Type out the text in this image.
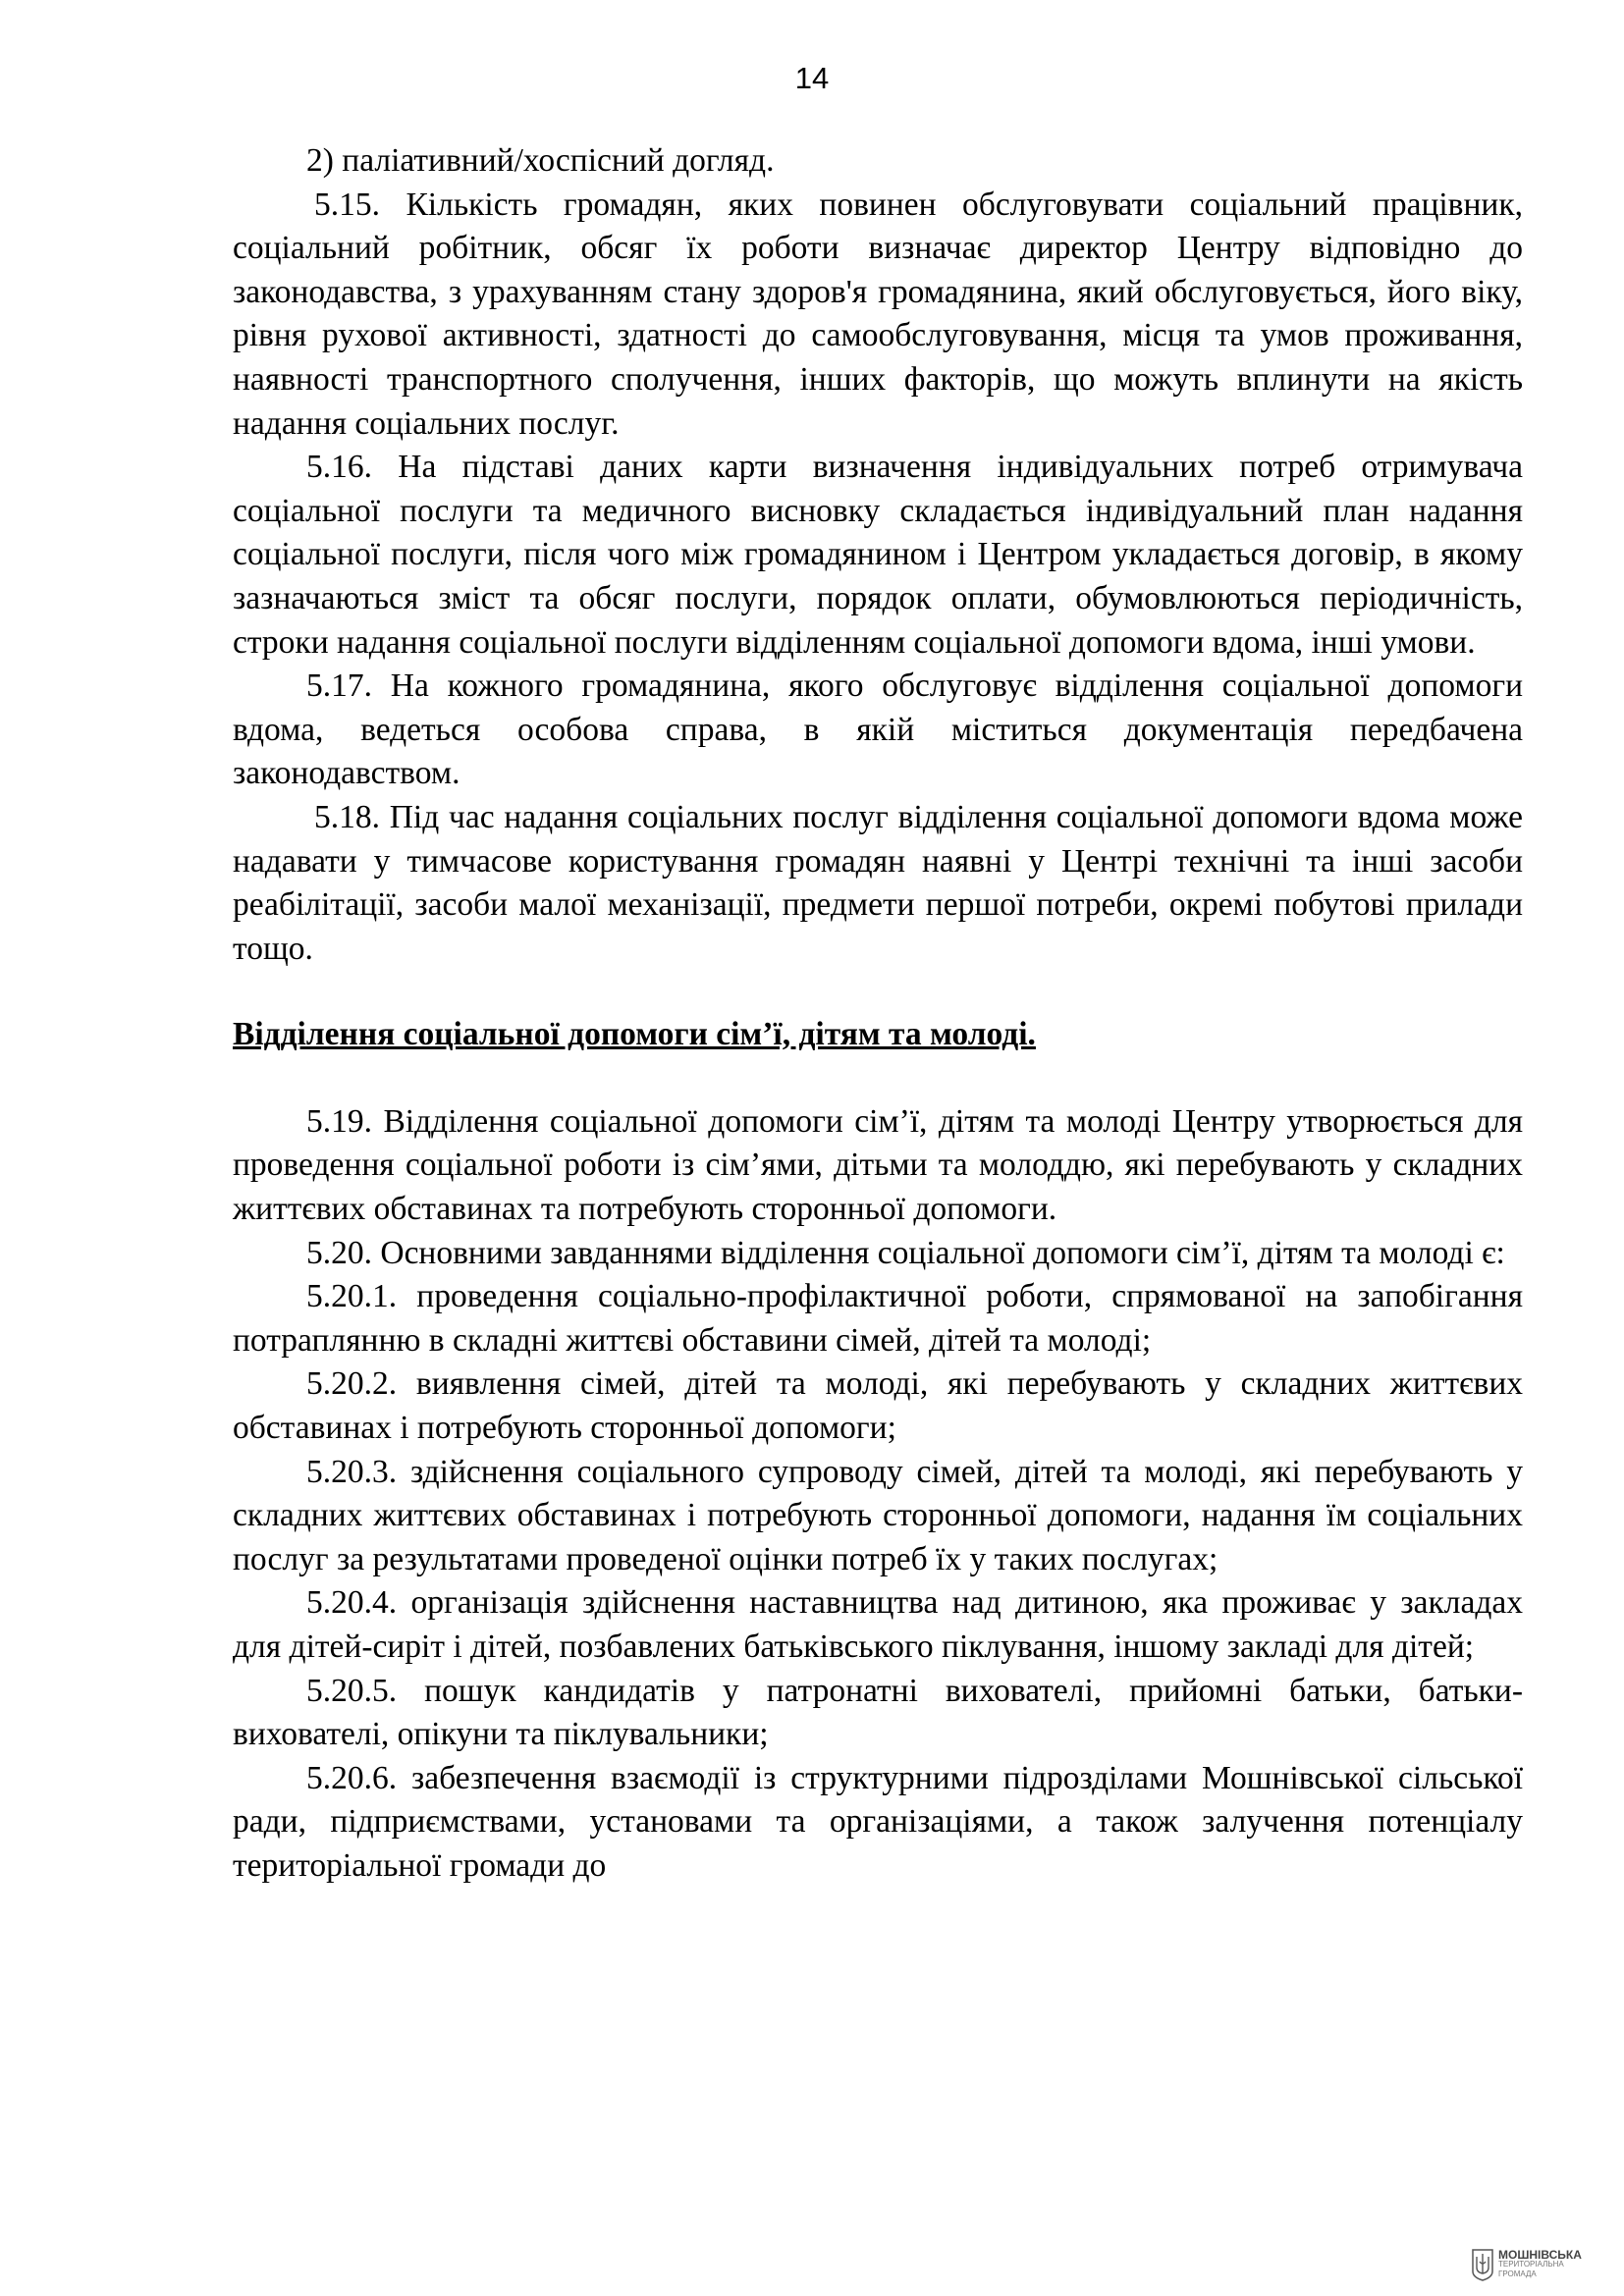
14

2) паліативний/хоспісний догляд.

5.15. Кількість громадян, яких повинен обслуговувати соціальний працівник, соціальний робітник, обсяг їх роботи визначає директор Центру відповідно до законодавства, з урахуванням стану здоров'я громадянина, який обслуговується, його віку, рівня рухової активності, здатності до самообслуговування, місця та умов проживання, наявності транспортного сполучення, інших факторів, що можуть вплинути на якість надання соціальних послуг.

5.16. На підставі даних карти визначення індивідуальних потреб отримувача соціальної послуги та медичного висновку складається індивідуальний план надання соціальної послуги, після чого між громадянином і Центром укладається договір, в якому зазначаються зміст та обсяг послуги, порядок оплати, обумовлюються періодичність, строки надання соціальної послуги відділенням соціальної допомоги вдома, інші умови.

5.17. На кожного громадянина, якого обслуговує відділення соціальної допомоги вдома, ведеться особова справа, в якій міститься документація передбачена законодавством.

5.18. Під час надання соціальних послуг відділення соціальної допомоги вдома може надавати у тимчасове користування громадян наявні у Центрі технічні та інші засоби реабілітації, засоби малої механізації, предмети першої потреби, окремі побутові прилади тощо.

Відділення соціальної допомоги сім’ї, дітям та молоді.

5.19. Відділення соціальної допомоги сім’ї, дітям та молоді Центру утворюється для проведення соціальної роботи із сім’ями, дітьми та молоддю, які перебувають у складних життєвих обставинах та потребують сторонньої допомоги.

5.20. Основними завданнями відділення соціальної допомоги сім’ї, дітям та молоді є:

5.20.1. проведення соціально-профілактичної роботи, спрямованої на запобігання потраплянню в складні життєві обставини сімей, дітей та молоді;

5.20.2. виявлення сімей, дітей та молоді, які перебувають у складних життєвих обставинах і потребують сторонньої допомоги;

5.20.3. здійснення соціального супроводу сімей, дітей та молоді, які перебувають у складних життєвих обставинах і потребують сторонньої допомоги, надання їм соціальних послуг за результатами проведеної оцінки потреб їх у таких послугах;

5.20.4. організація здійснення наставництва над дитиною, яка проживає у закладах для дітей-сиріт і дітей, позбавлених батьківського піклування, іншому закладі для дітей;

5.20.5. пошук кандидатів у патронатні вихователі, прийомні батьки, батьки-вихователі, опікуни та піклувальники;

5.20.6. забезпечення взаємодії із структурними підрозділами Мошнівської сільської ради, підприємствами, установами та організаціями, а також залучення потенціалу територіальної громади до

МОШНІВСЬКА
ТЕРИТОРІАЛЬНА
ГРОМАДА
